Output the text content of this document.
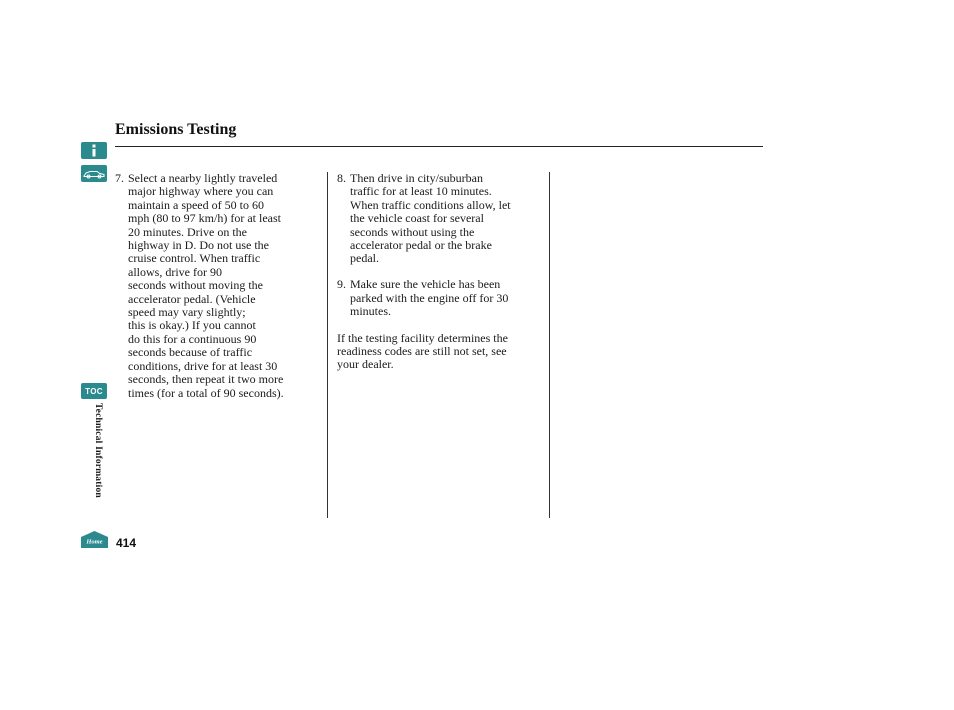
TOC
Technical Information
Home 414
Emissions Testing
7. Select a nearby lightly traveled
major highway where you can
maintain a speed of 50 to 60
mph (80 to 97 km/h) for at least
20 minutes. Drive on the
highway in D. Do not use the
cruise control. When traffic
allows, drive for 90
seconds without moving the
accelerator pedal. (Vehicle
speed may vary slightly;
this is okay.) If you cannot
do this for a continuous 90
seconds because of traffic
conditions, drive for at least 30
seconds, then repeat it two more
times (for a total of 90 seconds).
8. Then drive in city/suburban
traffic for at least 10 minutes.
When traffic conditions allow, let
the vehicle coast for several
seconds without using the
accelerator pedal or the brake
pedal.
9. Make sure the vehicle has been
parked with the engine off for 30
minutes.
If the testing facility determines the
readiness codes are still not set, see
your dealer.
